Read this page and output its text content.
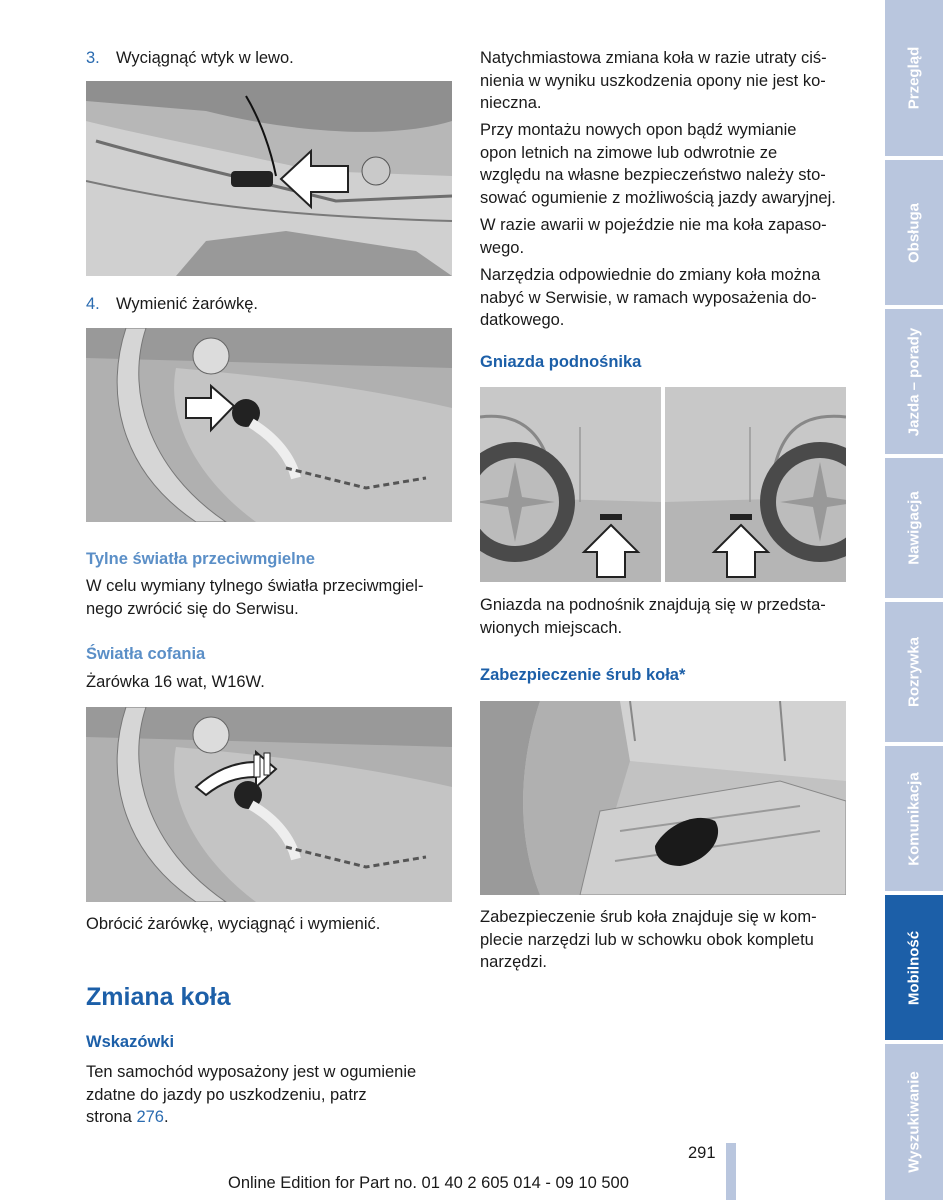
3. Wyciągnąć wtyk w lewo.
4. Wymienić żarówkę.
Tylne światła przeciwmgielne
W celu wymiany tylnego światła przeciwmgiel-
nego zwrócić się do Serwisu.
Światła cofania
Żarówka 16 wat, W16W.
Obrócić żarówkę, wyciągnąć i wymienić.
Zmiana koła
Wskazówki
Ten samochód wyposażony jest w ogumienie
zdatne do jazdy po uszkodzeniu, patrz
strona 276.
Natychmiastowa zmiana koła w razie utraty ciś-
nienia w wyniku uszkodzenia opony nie jest ko-
nieczna.
Przy montażu nowych opon bądź wymianie
opon letnich na zimowe lub odwrotnie ze
względu na własne bezpieczeństwo należy sto-
sować ogumienie z możliwością jazdy awaryjnej.
W razie awarii w pojeździe nie ma koła zapaso-
wego.
Narzędzia odpowiednie do zmiany koła można
nabyć w Serwisie, w ramach wyposażenia do-
datkowego.
Gniazda podnośnika
Gniazda na podnośnik znajdują się w przedsta-
wionych miejscach.
Zabezpieczenie śrub koła*
Zabezpieczenie śrub koła znajduje się w kom-
plecie narzędzi lub w schowku obok kompletu
narzędzi.
291
Online Edition for Part no. 01 40 2 605 014 - 09 10 500
Przegląd
Obsługa
Jazda – porady
Nawigacja
Rozrywka
Komunikacja
Mobilność
Wyszukiwanie
